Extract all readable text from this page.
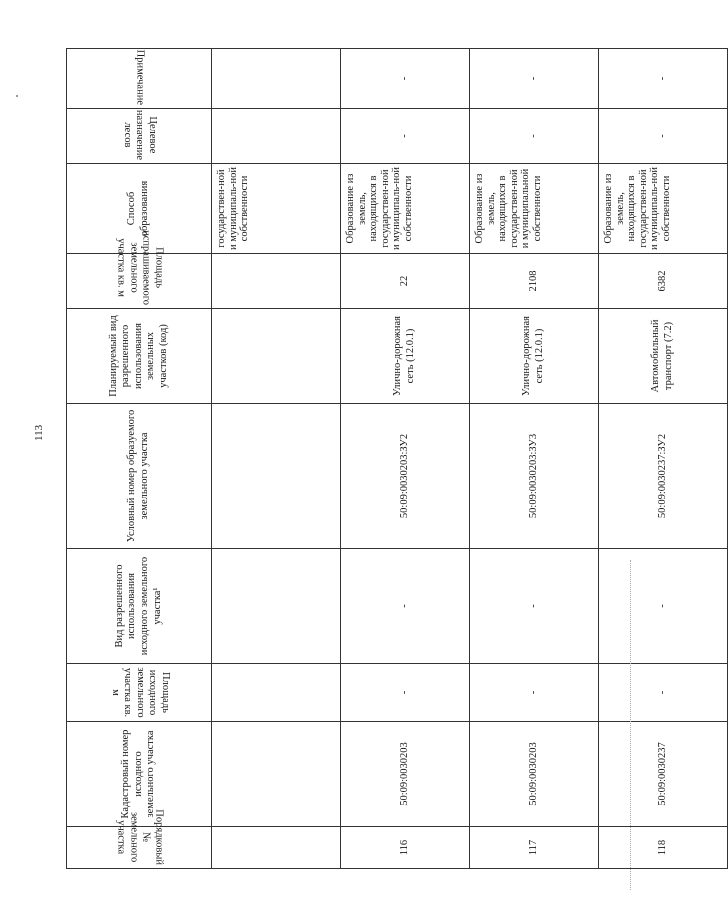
113
Порядковый № земельного участка	Кадастровый номер исходного земельного участка	Площадь исходного земельного участка кв. м	Вид разрешенного использования исходного земельного участка¹	Условный номер образуемого земельного участка	Планируемый вид разрешенного использования земельных участков (код)	Площадь испрашиваемого земельного участка кв. м	Способ образования	Целевое назначение лесов	Примечание
							государствен-ной и муниципаль-ной собственности		
116	50:09:0030203	-	-	50:09:0030203:ЗУ2	Улично-дорожная сеть (12.0.1)	22	Образование из земель, находящихся в государствен-ной и муниципаль-ной собственности	-	-
117	50:09:0030203	-	-	50:09:0030203:ЗУ3	Улично-дорожная сеть (12.0.1)	2108	Образование из земель, находящихся в государствен-ной и муниципальной собственности	-	-
118	50:09:0030237	-	-	50:09:0030237:ЗУ2	Автомобильный транспорт (7.2)	6382	Образование из земель, находящихся в государствен-ной и муниципаль-ной собственности	-	-
